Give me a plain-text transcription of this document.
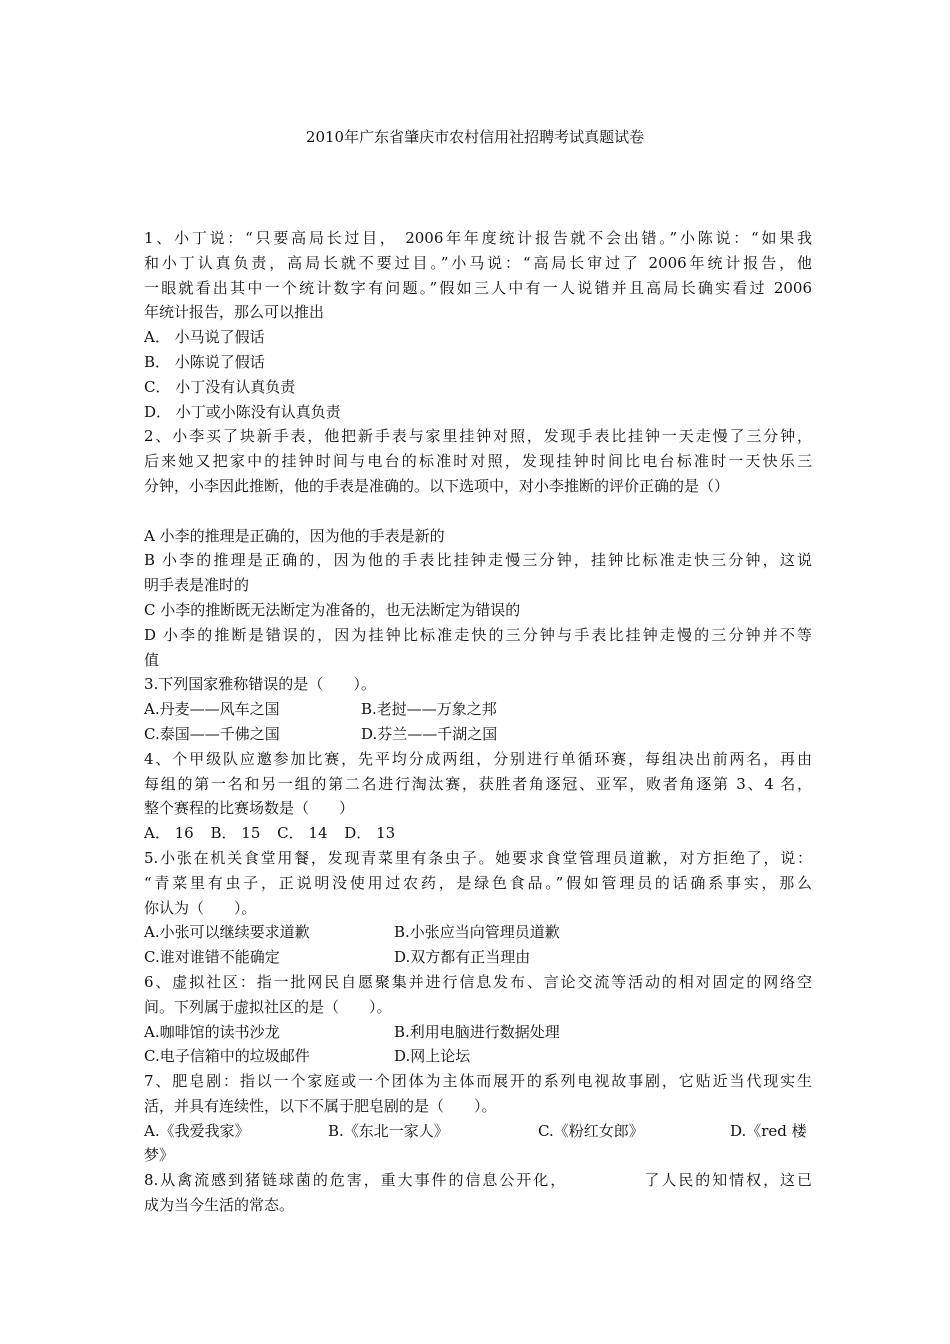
2010年广东省肇庆市农村信用社招聘考试真题试卷
1、小丁说：“只要高局长过目， 2006年年度统计报告就不会出错。”小陈说：“如果我
和小丁认真负责，高局长就不要过目。”小马说：“高局长审过了 2006年统计报告，他
一眼就看出其中一个统计数字有问题。”假如三人中有一人说错并且高局长确实看过 2006
年统计报告，那么可以推出
A． 小马说了假话
B． 小陈说了假话
C． 小丁没有认真负责
D． 小丁或小陈没有认真负责
2、小李买了块新手表，他把新手表与家里挂钟对照，发现手表比挂钟一天走慢了三分钟，
后来她又把家中的挂钟时间与电台的标准时对照，发现挂钟时间比电台标准时一天快乐三
分钟，小李因此推断，他的手表是准确的。以下选项中，对小李推断的评价正确的是（）
A 小李的推理是正确的，因为他的手表是新的
B 小李的推理是正确的，因为他的手表比挂钟走慢三分钟，挂钟比标准走快三分钟，这说
明手表是准时的
C 小李的推断既无法断定为准备的，也无法断定为错误的
D 小李的推断是错误的，因为挂钟比标准走快的三分钟与手表比挂钟走慢的三分钟并不等
值
3.下列国家雅称错误的是（　　）。
A.丹麦——风车之国	B.老挝——万象之邦
C.泰国——千佛之国	D.芬兰——千湖之国
4、个甲级队应邀参加比赛，先平均分成两组，分别进行单循环赛，每组决出前两名，再由
每组的第一名和另一组的第二名进行淘汰赛，获胜者角逐冠、亚军，败者角逐第 3、4 名，
整个赛程的比赛场数是（　　）
A． 16 B． 15 C． 14 D． 13
5.小张在机关食堂用餐，发现青菜里有条虫子。她要求食堂管理员道歉，对方拒绝了，说：
“青菜里有虫子，正说明没使用过农药，是绿色食品。”假如管理员的话确系事实，那么
你认为（　　）。
A.小张可以继续要求道歉	B.小张应当向管理员道歉
C.谁对谁错不能确定	D.双方都有正当理由
6、虚拟社区：指一批网民自愿聚集并进行信息发布、言论交流等活动的相对固定的网络空
间。下列属于虚拟社区的是（　　）。
A.咖啡馆的读书沙龙	B.利用电脑进行数据处理
C.电子信箱中的垃圾邮件	D.网上论坛
7、肥皂剧：指以一个家庭或一个团体为主体而展开的系列电视故事剧，它贴近当代现实生
活，并具有连续性，以下不属于肥皂剧的是（　　）。
A.《我爱我家》	B.《东北一家人》	C.《粉红女郎》	D.《red 楼
梦》
8.从禽流感到猪链球菌的危害，重大事件的信息公开化，　　　　　了人民的知情权，这已
成为当今生活的常态。
